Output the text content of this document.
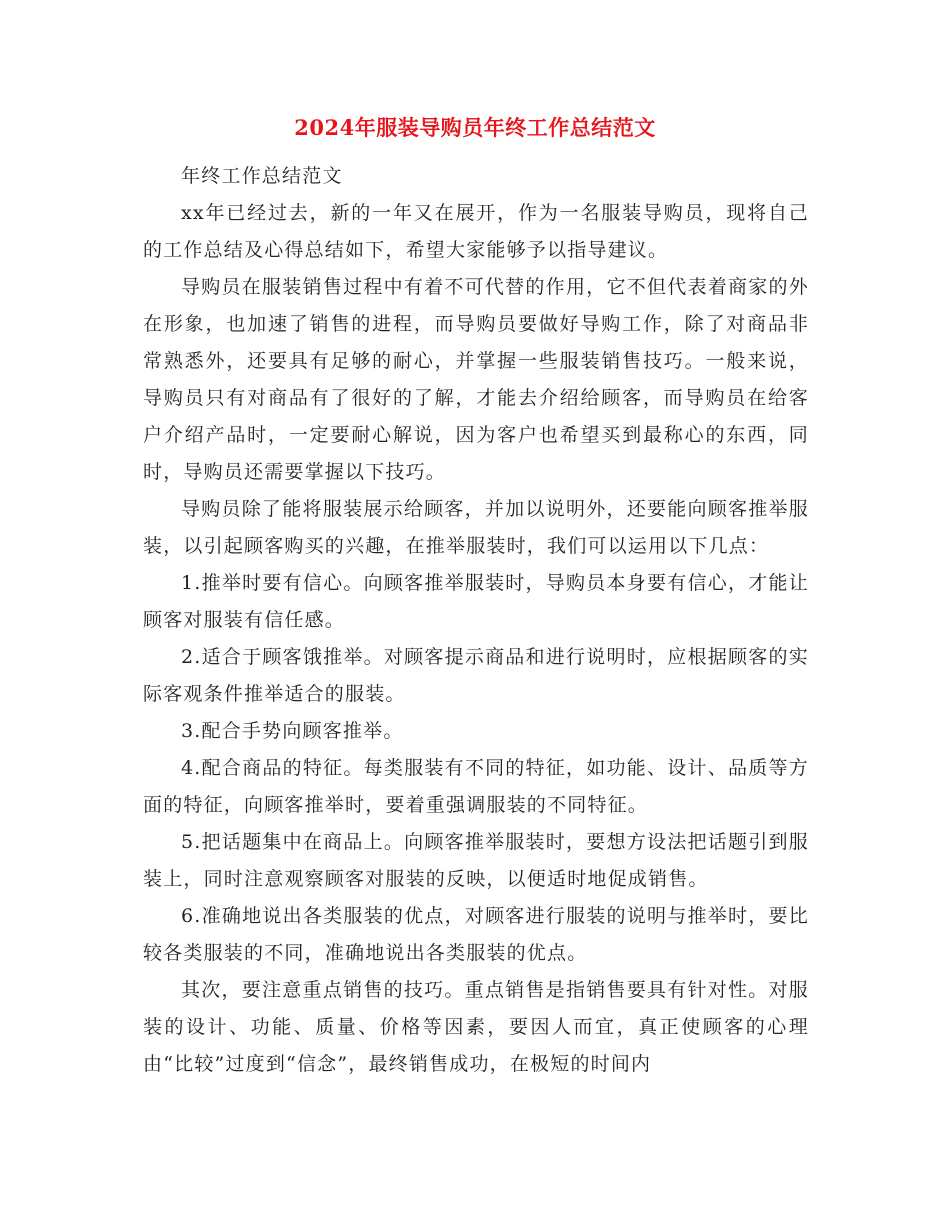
2024年服装导购员年终工作总结范文

年终工作总结范文

xx年已经过去，新的一年又在展开，作为一名服装导购员，现将自己的工作总结及心得总结如下，希望大家能够予以指导建议。

导购员在服装销售过程中有着不可代替的作用，它不但代表着商家的外在形象，也加速了销售的进程，而导购员要做好导购工作，除了对商品非常熟悉外，还要具有足够的耐心，并掌握一些服装销售技巧。一般来说，导购员只有对商品有了很好的了解，才能去介绍给顾客，而导购员在给客户介绍产品时，一定要耐心解说，因为客户也希望买到最称心的东西，同时，导购员还需要掌握以下技巧。

导购员除了能将服装展示给顾客，并加以说明外，还要能向顾客推举服装，以引起顾客购买的兴趣，在推举服装时，我们可以运用以下几点：

1.推举时要有信心。向顾客推举服装时，导购员本身要有信心，才能让顾客对服装有信任感。

2.适合于顾客饿推举。对顾客提示商品和进行说明时，应根据顾客的实际客观条件推举适合的服装。

3.配合手势向顾客推举。

4.配合商品的特征。每类服装有不同的特征，如功能、设计、品质等方面的特征，向顾客推举时，要着重强调服装的不同特征。

5.把话题集中在商品上。向顾客推举服装时，要想方设法把话题引到服装上，同时注意观察顾客对服装的反映，以便适时地促成销售。

6.准确地说出各类服装的优点，对顾客进行服装的说明与推举时，要比较各类服装的不同，准确地说出各类服装的优点。

其次，要注意重点销售的技巧。重点销售是指销售要具有针对性。对服装的设计、功能、质量、价格等因素，要因人而宜，真正使顾客的心理由“比较”过度到“信念”，最终销售成功，在极短的时间内
